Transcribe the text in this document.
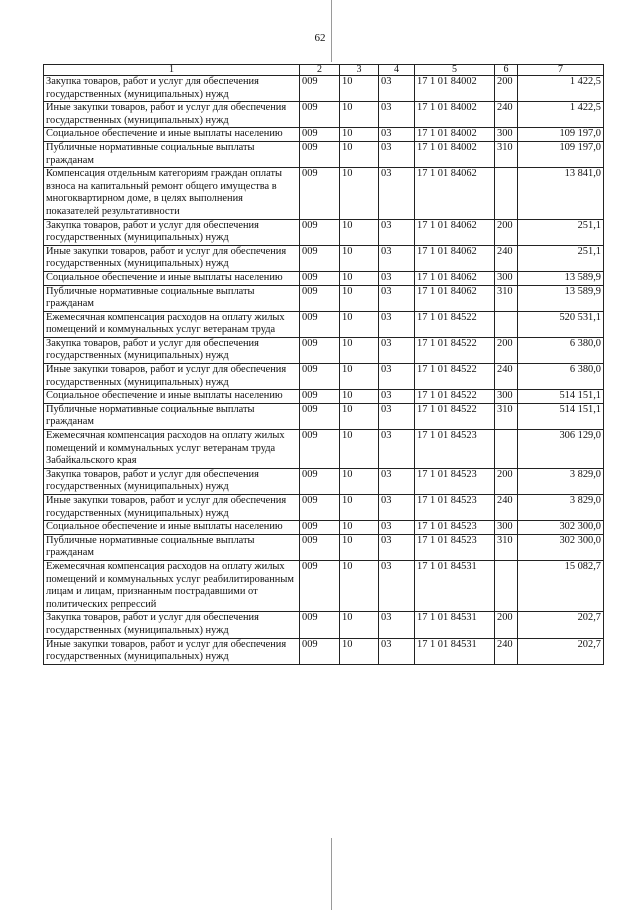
62
1	2	3	4	5	6	7
Закупка товаров, работ и услуг для обеспечения государственных (муниципальных) нужд	009	10	03	17 1 01 84002	200	1 422,5
Иные закупки товаров, работ и услуг для обеспечения государственных (муниципальных) нужд	009	10	03	17 1 01 84002	240	1 422,5
Социальное обеспечение и иные выплаты населению	009	10	03	17 1 01 84002	300	109 197,0
Публичные нормативные социальные выплаты гражданам	009	10	03	17 1 01 84002	310	109 197,0
Компенсация отдельным категориям граждан оплаты взноса на капитальный ремонт общего имущества в многоквартирном доме, в целях выполнения показателей результативности	009	10	03	17 1 01 84062		13 841,0
Закупка товаров, работ и услуг для обеспечения государственных (муниципальных) нужд	009	10	03	17 1 01 84062	200	251,1
Иные закупки товаров, работ и услуг для обеспечения государственных (муниципальных) нужд	009	10	03	17 1 01 84062	240	251,1
Социальное обеспечение и иные выплаты населению	009	10	03	17 1 01 84062	300	13 589,9
Публичные нормативные социальные выплаты гражданам	009	10	03	17 1 01 84062	310	13 589,9
Ежемесячная компенсация расходов на оплату жилых помещений и коммунальных услуг ветеранам труда	009	10	03	17 1 01 84522		520 531,1
Закупка товаров, работ и услуг для обеспечения государственных (муниципальных) нужд	009	10	03	17 1 01 84522	200	6 380,0
Иные закупки товаров, работ и услуг для обеспечения государственных (муниципальных) нужд	009	10	03	17 1 01 84522	240	6 380,0
Социальное обеспечение и иные выплаты населению	009	10	03	17 1 01 84522	300	514 151,1
Публичные нормативные социальные выплаты гражданам	009	10	03	17 1 01 84522	310	514 151,1
Ежемесячная компенсация расходов на оплату жилых помещений и коммунальных услуг ветеранам труда Забайкальского края	009	10	03	17 1 01 84523		306 129,0
Закупка товаров, работ и услуг для обеспечения государственных (муниципальных) нужд	009	10	03	17 1 01 84523	200	3 829,0
Иные закупки товаров, работ и услуг для обеспечения государственных (муниципальных) нужд	009	10	03	17 1 01 84523	240	3 829,0
Социальное обеспечение и иные выплаты населению	009	10	03	17 1 01 84523	300	302 300,0
Публичные нормативные социальные выплаты гражданам	009	10	03	17 1 01 84523	310	302 300,0
Ежемесячная компенсация расходов на оплату жилых помещений и коммунальных услуг реабилитированным лицам и лицам, признанным пострадавшими от политических репрессий	009	10	03	17 1 01 84531		15 082,7
Закупка товаров, работ и услуг для обеспечения государственных (муниципальных) нужд	009	10	03	17 1 01 84531	200	202,7
Иные закупки товаров, работ и услуг для обеспечения государственных (муниципальных) нужд	009	10	03	17 1 01 84531	240	202,7
